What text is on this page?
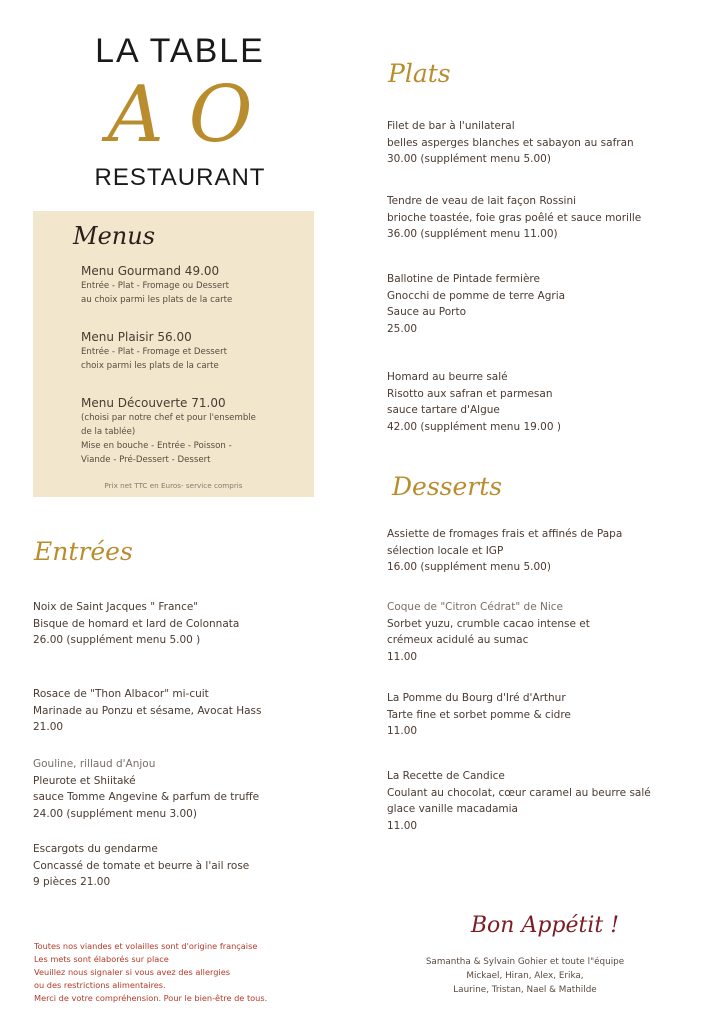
LA TABLE
A O
RESTAURANT
Menus
Menu Gourmand 49.00
Entrée - Plat - Fromage ou Dessert
au choix parmi les plats de la carte
Menu Plaisir 56.00
Entrée - Plat - Fromage et Dessert
choix parmi les plats de la carte
Menu Découverte 71.00
(choisi par notre chef et pour l'ensemble
de la tablée)
Mise en bouche - Entrée - Poisson -
Viande - Pré-Dessert - Dessert
Prix net TTC en Euros- service compris
Entrées
Noix de Saint Jacques " France"
Bisque de homard et lard de Colonnata
26.00 (supplément menu 5.00 )
Rosace de "Thon Albacor" mi-cuit
Marinade au Ponzu et sésame, Avocat Hass
21.00
Gouline, rillaud d'Anjou
Pleurote et Shiitaké
sauce Tomme Angevine & parfum de truffe
24.00 (supplément menu 3.00)
Escargots du gendarme
Concassé de tomate et beurre à l'ail rose
9 pièces 21.00
Toutes nos viandes et volailles sont d'origine française
Les mets sont élaborés sur place
Veuillez nous signaler si vous avez des allergies
ou des restrictions alimentaires.
Merci de votre compréhension. Pour le bien-être de tous.
Plats
Filet de bar à l'unilateral
belles asperges blanches et sabayon au safran
30.00 (supplément menu 5.00)
Tendre de veau de lait façon Rossini
brioche toastée, foie gras poêlé et sauce morille
36.00 (supplément menu 11.00)
Ballotine de Pintade fermière
Gnocchi de pomme de terre Agria
Sauce au Porto
25.00
Homard au beurre salé
Risotto aux safran et parmesan
sauce tartare d'Algue
42.00 (supplément menu 19.00 )
Desserts
Assiette de fromages frais et affinés de Papa
sélection locale et IGP
16.00 (supplément menu 5.00)
Coque de "Citron Cédrat" de Nice
Sorbet yuzu, crumble cacao intense et
crémeux acidulé au sumac
11.00
La Pomme du Bourg d'Iré d'Arthur
Tarte fine et sorbet pomme & cidre
11.00
La Recette de Candice
Coulant au chocolat, cœur caramel au beurre salé
glace vanille macadamia
11.00
Bon Appétit !
Samantha & Sylvain Gohier et toute l"équipe
Mickael, Hiran, Alex, Erika,
Laurine, Tristan, Nael & Mathilde
